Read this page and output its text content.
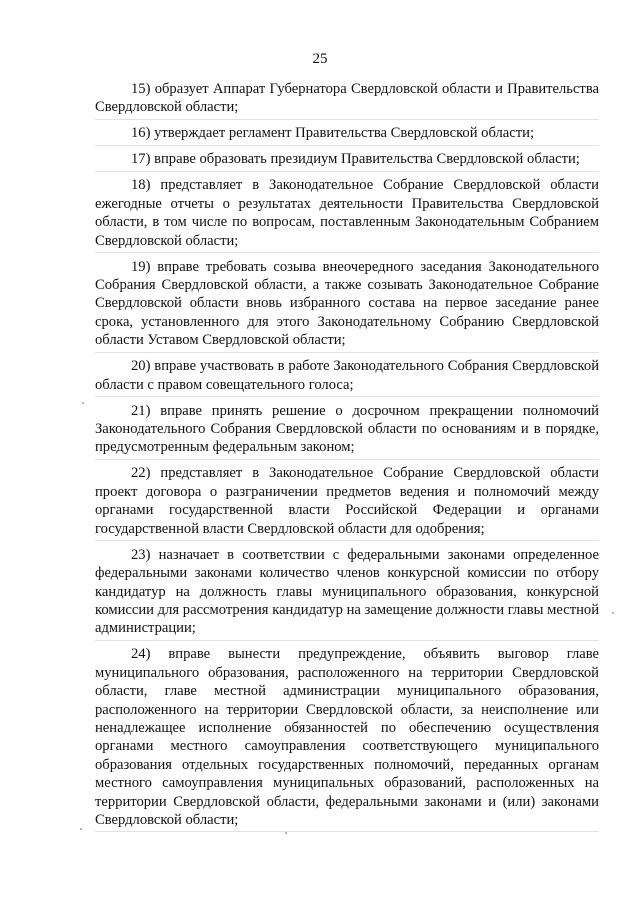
25

15) образует Аппарат Губернатора Свердловской области и Правительства Свердловской области;

16) утверждает регламент Правительства Свердловской области;

17) вправе образовать президиум Правительства Свердловской области;

18) представляет в Законодательное Собрание Свердловской области ежегодные отчеты о результатах деятельности Правительства Свердловской области, в том числе по вопросам, поставленным Законодательным Собранием Свердловской области;

19) вправе требовать созыва внеочередного заседания Законодательного Собрания Свердловской области, а также созывать Законодательное Собрание Свердловской области вновь избранного состава на первое заседание ранее срока, установленного для этого Законодательному Собранию Свердловской области Уставом Свердловской области;

20) вправе участвовать в работе Законодательного Собрания Свердловской области с правом совещательного голоса;

21) вправе принять решение о досрочном прекращении полномочий Законодательного Собрания Свердловской области по основаниям и в порядке, предусмотренным федеральным законом;

22) представляет в Законодательное Собрание Свердловской области проект договора о разграничении предметов ведения и полномочий между органами государственной власти Российской Федерации и органами государственной власти Свердловской области для одобрения;

23) назначает в соответствии с федеральными законами определенное федеральными законами количество членов конкурсной комиссии по отбору кандидатур на должность главы муниципального образования, конкурсной комиссии для рассмотрения кандидатур на замещение должности главы местной администрации;

24) вправе вынести предупреждение, объявить выговор главе муниципального образования, расположенного на территории Свердловской области, главе местной администрации муниципального образования, расположенного на территории Свердловской области, за неисполнение или ненадлежащее исполнение обязанностей по обеспечению осуществления органами местного самоуправления соответствующего муниципального образования отдельных государственных полномочий, переданных органам местного самоуправления муниципальных образований, расположенных на территории Свердловской области, федеральными законами и (или) законами Свердловской области;
